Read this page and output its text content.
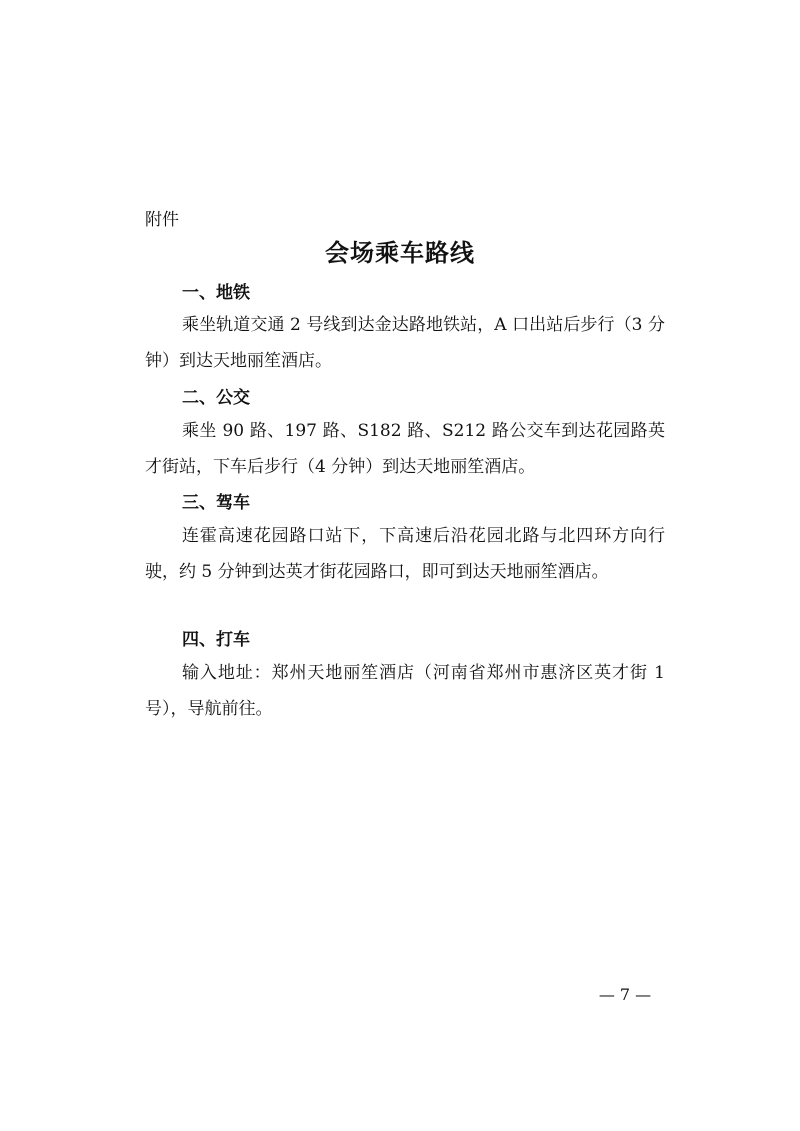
附件
会场乘车路线
一、地铁

乘坐轨道交通 2 号线到达金达路地铁站，A 口出站后步行（3 分钟）到达天地丽笙酒店。

二、公交

乘坐 90 路、197 路、S182 路、S212 路公交车到达花园路英才街站，下车后步行（4 分钟）到达天地丽笙酒店。

三、驾车

连霍高速花园路口站下，下高速后沿花园北路与北四环方向行驶，约 5 分钟到达英才街花园路口，即可到达天地丽笙酒店。

四、打车

输入地址：郑州天地丽笙酒店（河南省郑州市惠济区英才街 1 号），导航前往。

— 7 —
